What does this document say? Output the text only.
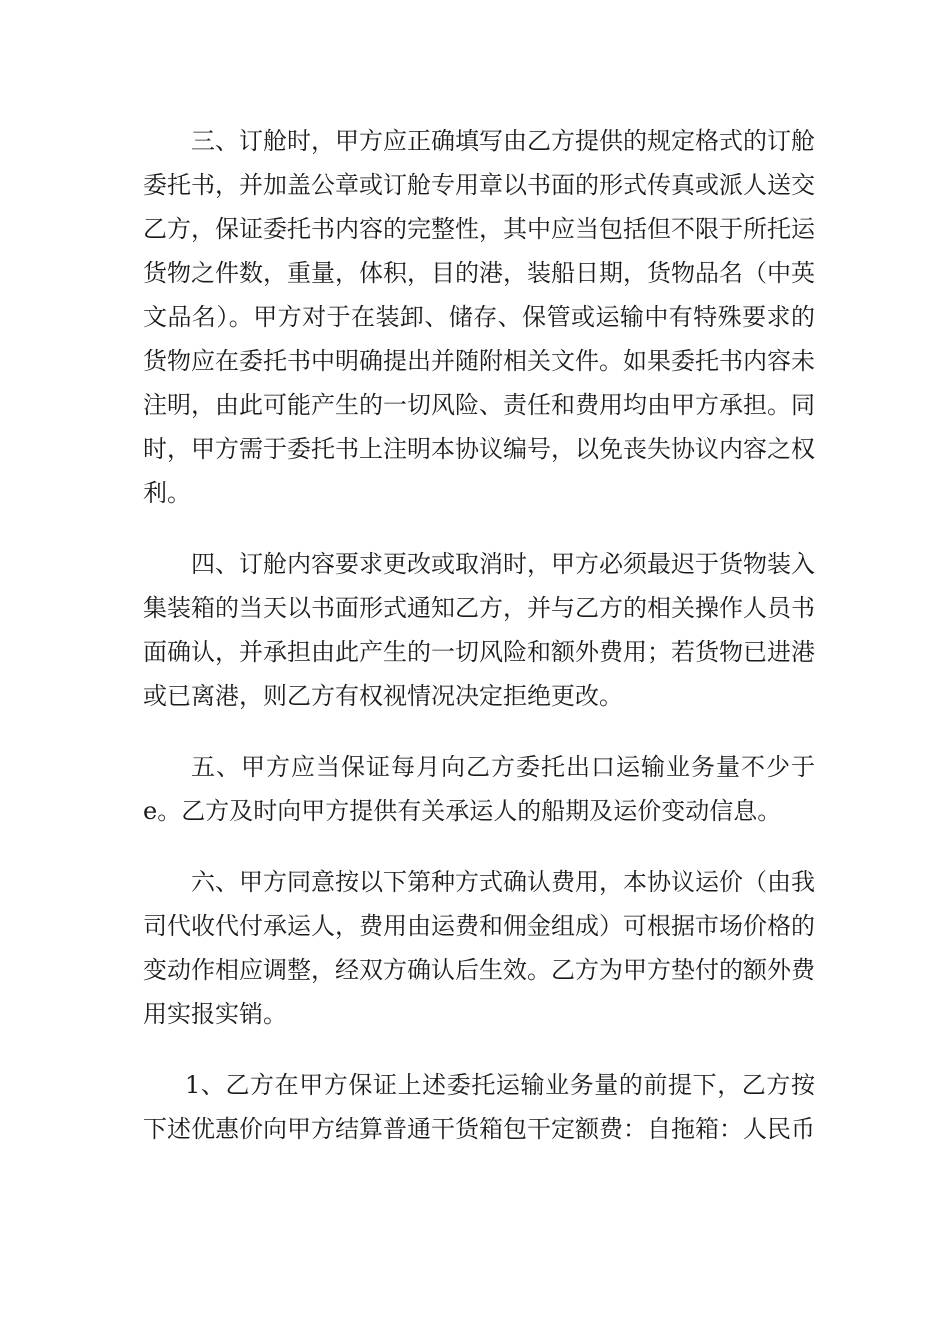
三、订舱时，甲方应正确填写由乙方提供的规定格式的订舱委托书，并加盖公章或订舱专用章以书面的形式传真或派人送交乙方，保证委托书内容的完整性，其中应当包括但不限于所托运货物之件数，重量，体积，目的港，装船日期，货物品名（中英文品名）。甲方对于在装卸、储存、保管或运输中有特殊要求的货物应在委托书中明确提出并随附相关文件。如果委托书内容未注明，由此可能产生的一切风险、责任和费用均由甲方承担。同时，甲方需于委托书上注明本协议编号，以免丧失协议内容之权利。

四、订舱内容要求更改或取消时，甲方必须最迟于货物装入集装箱的当天以书面形式通知乙方，并与乙方的相关操作人员书面确认，并承担由此产生的一切风险和额外费用；若货物已进港或已离港，则乙方有权视情况决定拒绝更改。

五、甲方应当保证每月向乙方委托出口运输业务量不少于e。乙方及时向甲方提供有关承运人的船期及运价变动信息。

六、甲方同意按以下第种方式确认费用，本协议运价（由我司代收代付承运人，费用由运费和佣金组成）可根据市场价格的变动作相应调整，经双方确认后生效。乙方为甲方垫付的额外费用实报实销。

1、乙方在甲方保证上述委托运输业务量的前提下，乙方按下述优惠价向甲方结算普通干货箱包干定额费：自拖箱：人民币
